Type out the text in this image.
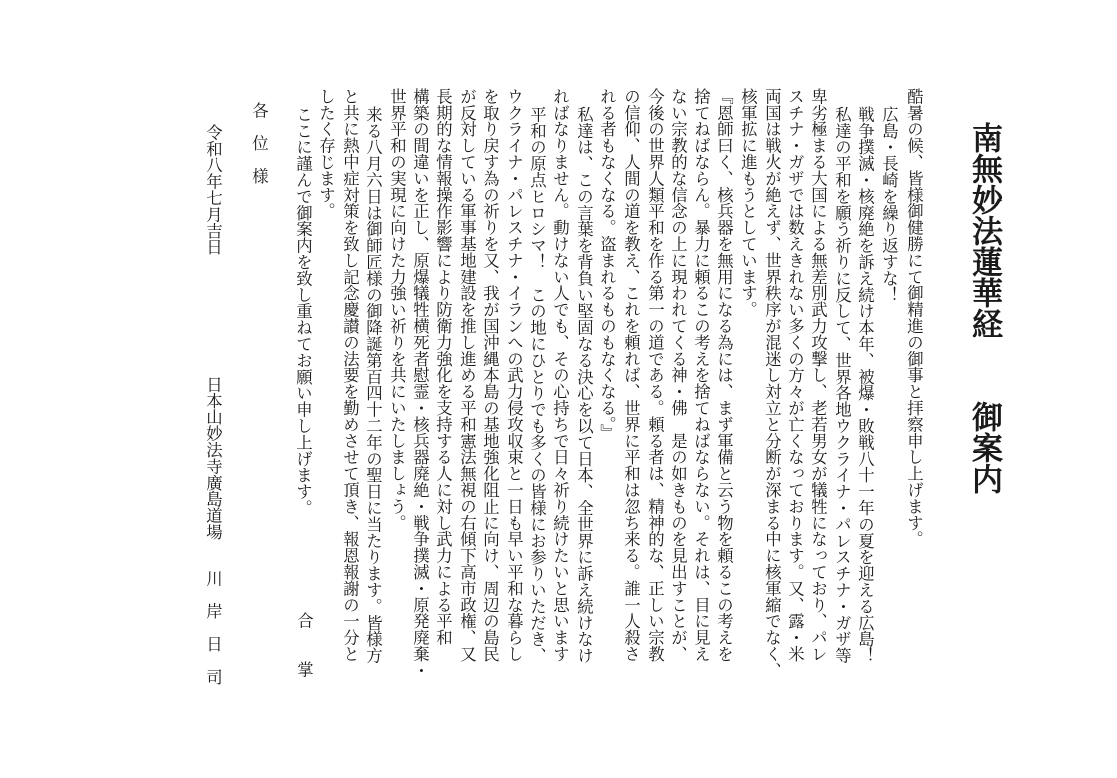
南無妙法蓮華経　　御案内
酷暑の候、皆様御健勝にて御精進の御事と拝察申し上げます。
広島・長崎を繰り返すな！
戦争撲滅・核廃絶を訴え続け本年、被爆・敗戦八十一年の夏を迎える広島！
私達の平和を願う祈りに反して、世界各地ウクライナ・パレスチナ・ガザ等
卑劣極まる大国による無差別武力攻撃し、老若男女が犠牲になっており、パレ
スチナ・ガザでは数えきれない多くの方々が亡くなっております。又、露・米
両国は戦火が絶えず、世界秩序が混迷し対立と分断が深まる中に核軍縮でなく、
核軍拡に進もうとしています。
『恩師曰く、核兵器を無用になる為には、まず軍備と云う物を頼るこの考えを
捨てねばならん。暴力に頼るこの考えを捨てねばならない。それは、目に見え
ない宗教的な信念の上に現われてくる神・佛　是の如きものを見出すことが、
今後の世界人類平和を作る第一の道である。頼る者は、精神的な、正しい宗教
の信仰、人間の道を教え、これを頼れば、世界に平和は忽ち来る。誰一人殺さ
れる者もなくなる。盗まれるものもなくなる。』
私達は、この言葉を背負い堅固なる決心を以て日本、全世界に訴え続けなけ
ればなりません。動けない人でも、その心持ちで日々祈り続けたいと思います
平和の原点ヒロシマ！　この地にひとりでも多くの皆様にお参りいただき、
ウクライナ・パレスチナ・イランへの武力侵攻収束と一日も早い平和な暮らし
を取り戻す為の祈りを又、我が国沖縄本島の基地強化阻止に向け、周辺の島民
が反対している軍事基地建設を推し進める平和憲法無視の右傾下高市政権、又
長期的な情報操作影響により防衛力強化を支持する人に対し武力による平和
構築の間違いを正し、原爆犠牲横死者慰霊・核兵器廃絶・戦争撲滅・原発廃棄・
世界平和の実現に向けた力強い祈りを共にいたしましょう。
来る八月六日は御師匠様の御降誕第百四十二年の聖日に当たります。皆様方
と共に熱中症対策を致し記念慶讃の法要を勤めさせて頂き、報恩報謝の一分と
したく存じます。
ここに謹んで御案内を致し重ねてお願い申し上げます。
合　　掌
各　位　様
令和八年七月吉日
日本山妙法寺廣島道場
川　岸　日　司
